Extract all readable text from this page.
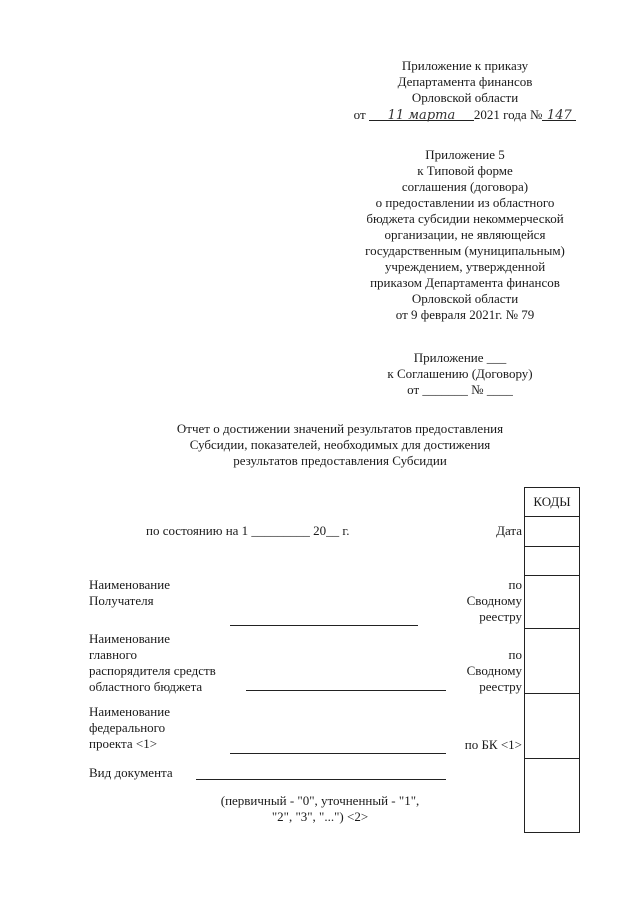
Приложение к приказу
Департамента финансов
Орловской области
от 11 марта 2021 года № 147
Приложение 5
к Типовой форме
соглашения (договора)
о предоставлении из областного
бюджета субсидии некоммерческой
организации, не являющейся
государственным (муниципальным)
учреждением, утвержденной
приказом Департамента финансов
Орловской области
от 9 февраля 2021г. № 79
Приложение ___
к Соглашению (Договору)
от _______ № ____
Отчет о достижении значений результатов предоставления
Субсидии, показателей, необходимых для достижения
результатов предоставления Субсидии
КОДЫ
по состоянию на 1 _________ 20__ г.	Дата
Наименование
Получателя
по
Сводному
реестру
Наименование
главного
распорядителя средств
областного бюджета
по
Сводному
реестру
Наименование
федерального
проекта <1>	по БК <1>
Вид документа
(первичный - "0", уточненный - "1",
"2", "3", "...") <2>
